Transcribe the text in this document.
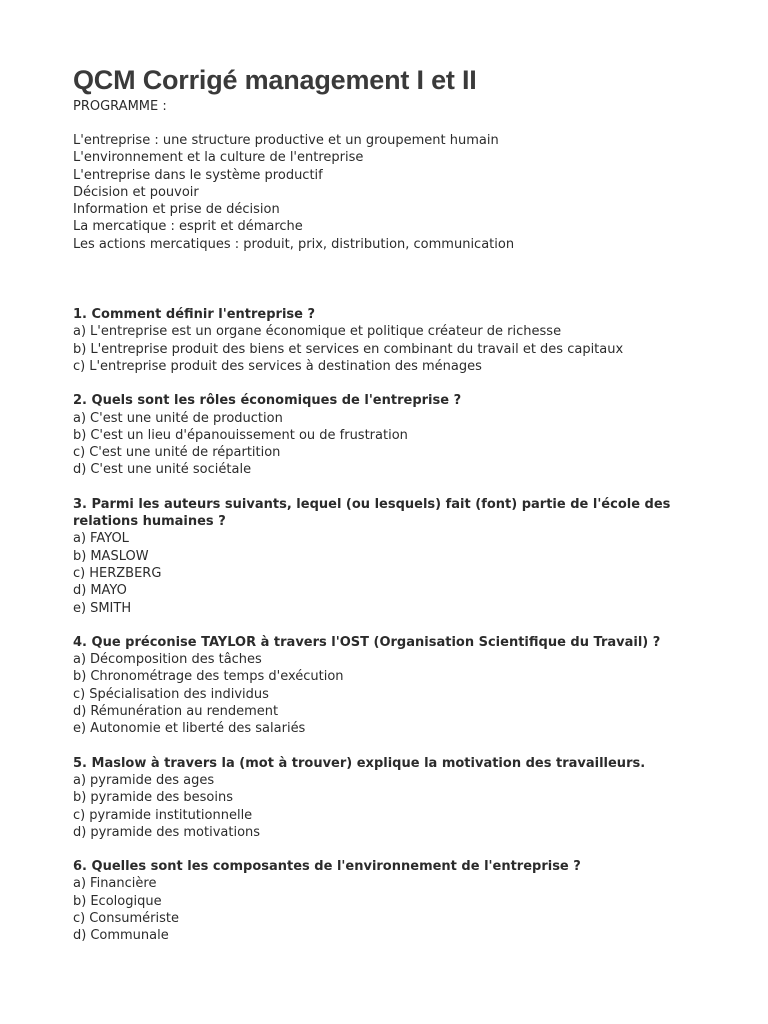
QCM Corrigé management I et II
PROGRAMME :
L'entreprise : une structure productive et un groupement humain
L'environnement et la culture de l'entreprise
L'entreprise dans le système productif
Décision et pouvoir
Information et prise de décision
La mercatique : esprit et démarche
Les actions mercatiques : produit, prix, distribution, communication
1. Comment définir l'entreprise ?
a) L'entreprise est un organe économique et politique créateur de richesse
b) L'entreprise produit des biens et services en combinant du travail et des capitaux
c) L'entreprise produit des services à destination des ménages
2. Quels sont les rôles économiques de l'entreprise ?
a) C'est une unité de production
b) C'est un lieu d'épanouissement ou de frustration
c) C'est une unité de répartition
d) C'est une unité sociétale
3. Parmi les auteurs suivants, lequel (ou lesquels) fait (font) partie de l'école des relations humaines ?
a) FAYOL
b) MASLOW
c) HERZBERG
d) MAYO
e) SMITH
4. Que préconise TAYLOR à travers l'OST (Organisation Scientifique du Travail) ?
a) Décomposition des tâches
b) Chronométrage des temps d'exécution
c) Spécialisation des individus
d) Rémunération au rendement
e) Autonomie et liberté des salariés
5. Maslow à travers la (mot à trouver) explique la motivation des travailleurs.
a) pyramide des ages
b) pyramide des besoins
c) pyramide institutionnelle
d) pyramide des motivations
6. Quelles sont les composantes de l'environnement de l'entreprise ?
a) Financière
b) Ecologique
c) Consumériste
d) Communale
